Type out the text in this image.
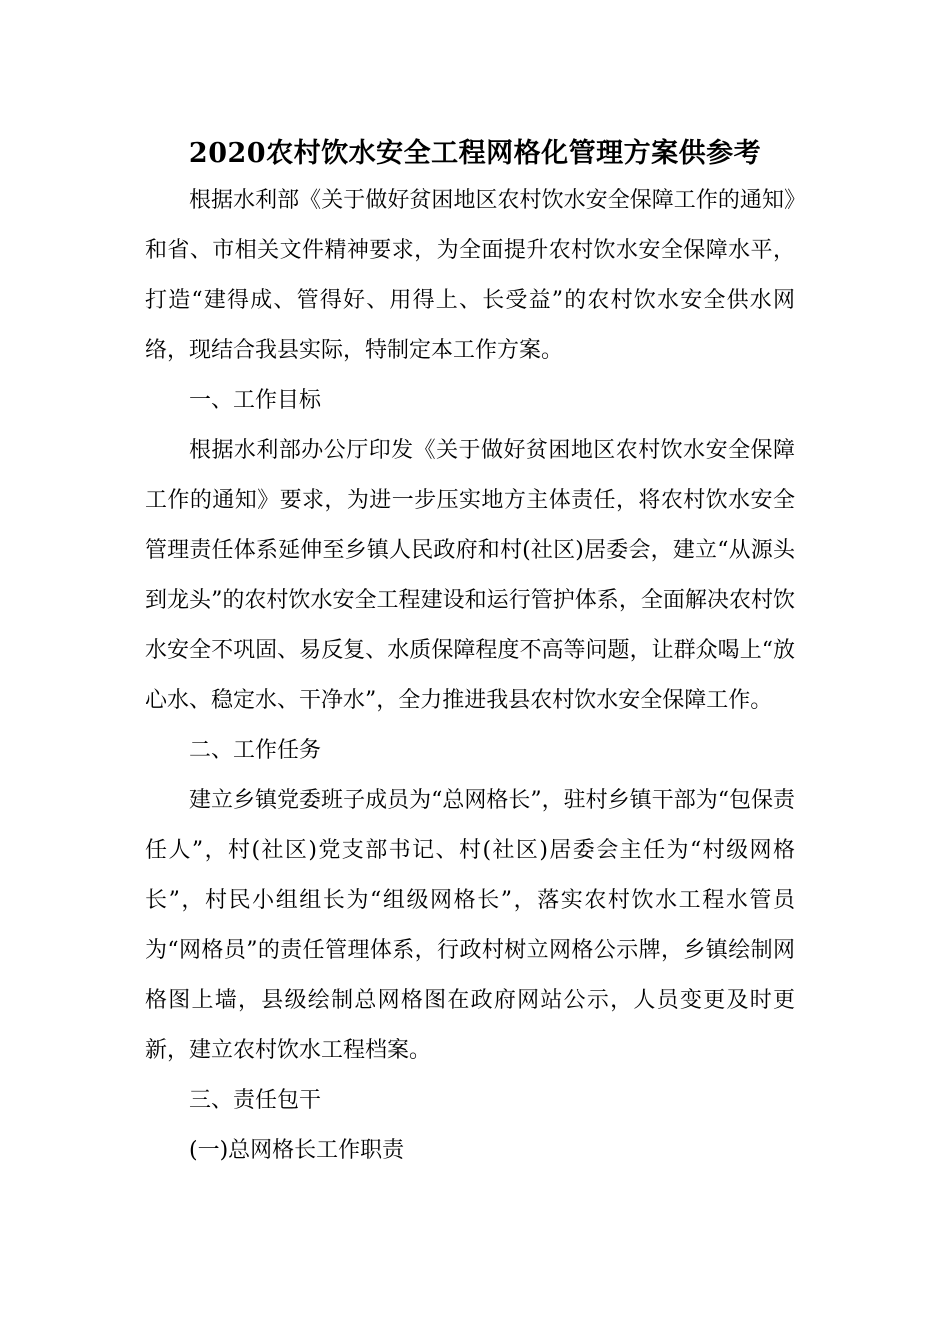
2020农村饮水安全工程网格化管理方案供参考

根据水利部《关于做好贫困地区农村饮水安全保障工作的通知》和省、市相关文件精神要求，为全面提升农村饮水安全保障水平，打造“建得成、管得好、用得上、长受益”的农村饮水安全供水网络，现结合我县实际，特制定本工作方案。

一、工作目标

根据水利部办公厅印发《关于做好贫困地区农村饮水安全保障工作的通知》要求，为进一步压实地方主体责任，将农村饮水安全管理责任体系延伸至乡镇人民政府和村(社区)居委会，建立“从源头到龙头”的农村饮水安全工程建设和运行管护体系，全面解决农村饮水安全不巩固、易反复、水质保障程度不高等问题，让群众喝上“放心水、稳定水、干净水”，全力推进我县农村饮水安全保障工作。

二、工作任务

建立乡镇党委班子成员为“总网格长”，驻村乡镇干部为“包保责任人”，村(社区)党支部书记、村(社区)居委会主任为“村级网格长”，村民小组组长为“组级网格长”，落实农村饮水工程水管员为“网格员”的责任管理体系，行政村树立网格公示牌，乡镇绘制网格图上墙，县级绘制总网格图在政府网站公示，人员变更及时更新，建立农村饮水工程档案。

三、责任包干

(一)总网格长工作职责
